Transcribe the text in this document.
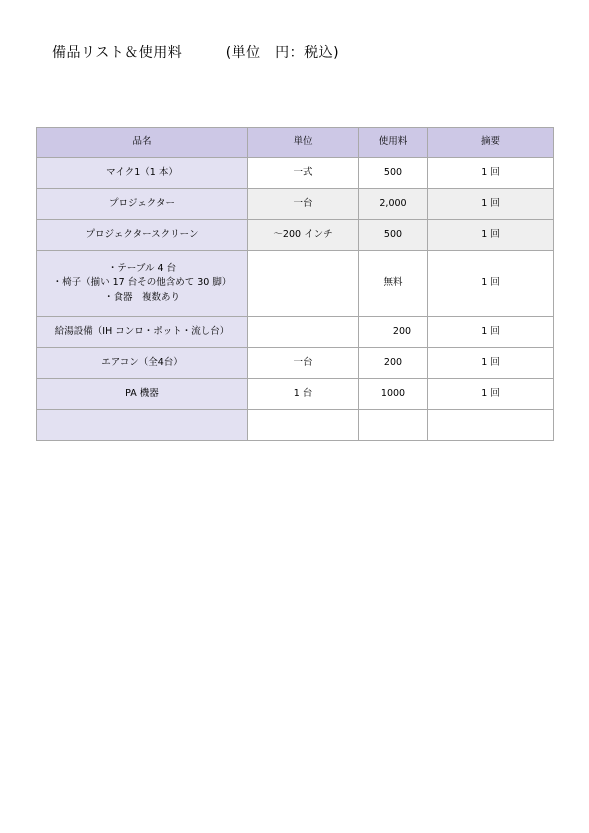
備品リスト＆使用料　　　(単位　円：税込)
品名	単位	使用料	摘要
マイク1（1 本）	一式	500	1 回
プロジェクター	一台	2,000	1 回
プロジェクタースクリーン	～200 インチ	500	1 回

・テーブル 4 台
・椅子（揃い 17 台その他含めて 30 脚）
・食器　複数あり		無料	1 回
給湯設備（IH コンロ・ポット・流し台）		200	1 回
エアコン（全4台）	一台	200	1 回
PA 機器	1 台	1000	1 回
